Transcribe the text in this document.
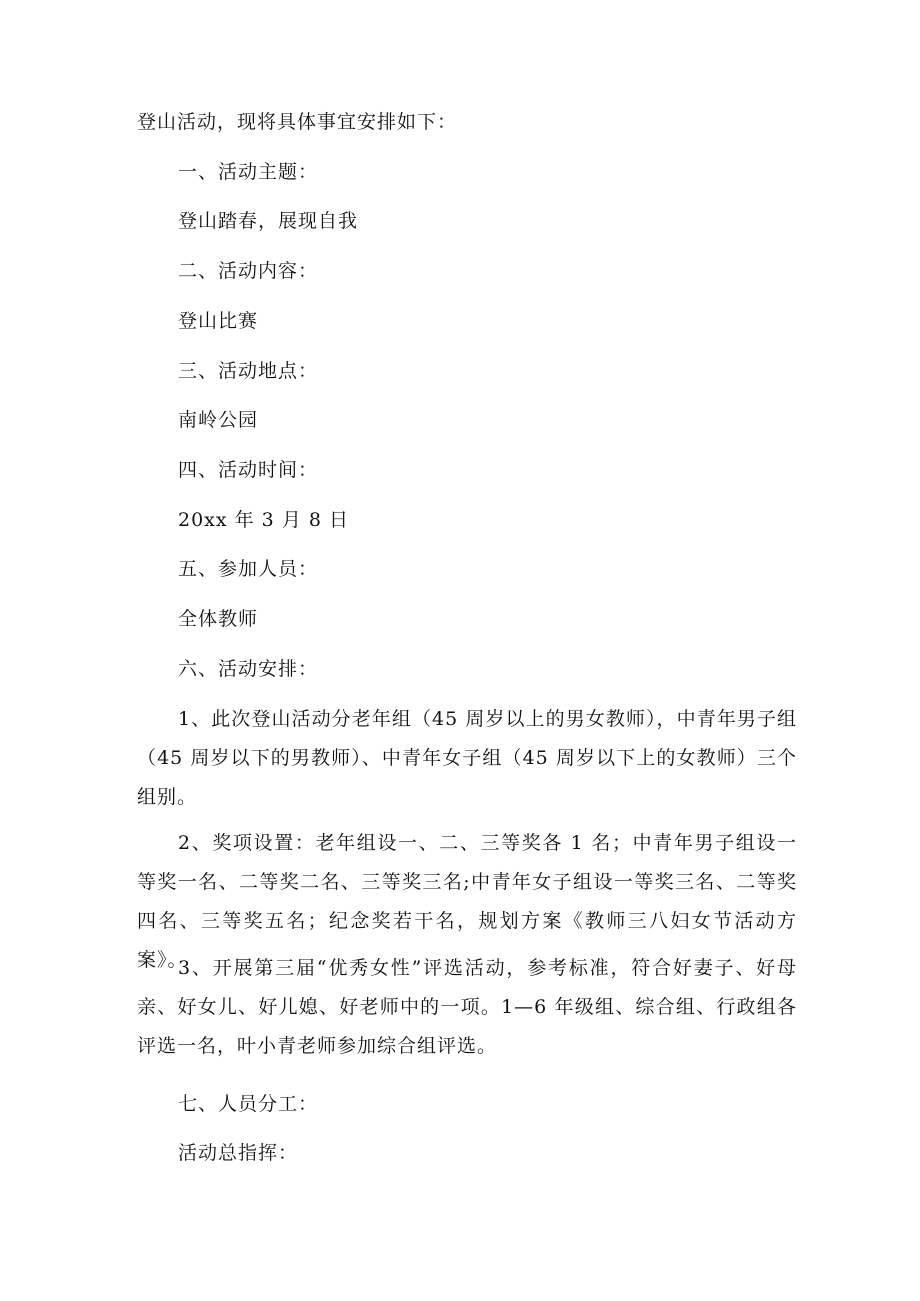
登山活动，现将具体事宜安排如下：
一、活动主题：
登山踏春，展现自我
二、活动内容：
登山比赛
三、活动地点：
南岭公园
四、活动时间：
20xx 年 3 月 8 日
五、参加人员：
全体教师
六、活动安排：
1、此次登山活动分老年组（45 周岁以上的男女教师），中青年男子组（45 周岁以下的男教师）、中青年女子组（45 周岁以下上的女教师）三个组别。
2、奖项设置：老年组设一、二、三等奖各 1 名；中青年男子组设一等奖一名、二等奖二名、三等奖三名;中青年女子组设一等奖三名、二等奖四名、三等奖五名；纪念奖若干名，规划方案《教师三八妇女节活动方案》。
3、开展第三届“优秀女性”评选活动，参考标准，符合好妻子、好母亲、好女儿、好儿媳、好老师中的一项。1—6 年级组、综合组、行政组各评选一名，叶小青老师参加综合组评选。
七、人员分工：
活动总指挥：
